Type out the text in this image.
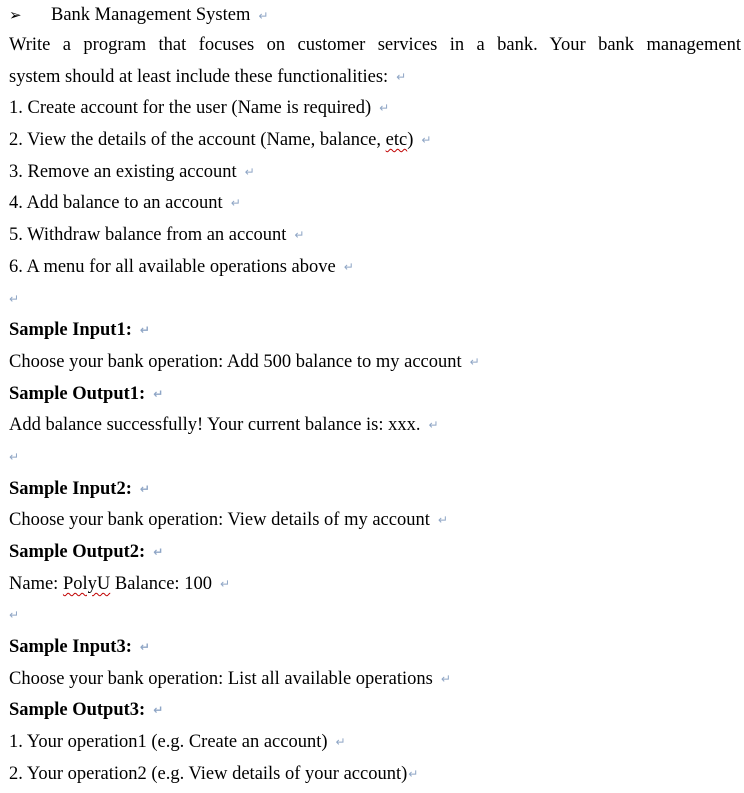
➢ Bank Management System ↵
Write a program that focuses on customer services in a bank. Your bank management
system should at least include these functionalities: ↵
1. Create account for the user (Name is required) ↵
2. View the details of the account (Name, balance, etc) ↵
3. Remove an existing account ↵
4. Add balance to an account ↵
5. Withdraw balance from an account ↵
6. A menu for all available operations above ↵
↵
Sample Input1: ↵
Choose your bank operation: Add 500 balance to my account ↵
Sample Output1: ↵
Add balance successfully! Your current balance is: xxx. ↵
↵
Sample Input2: ↵
Choose your bank operation: View details of my account ↵
Sample Output2: ↵
Name: PolyU Balance: 100 ↵
↵
Sample Input3: ↵
Choose your bank operation: List all available operations ↵
Sample Output3: ↵
1. Your operation1 (e.g. Create an account) ↵
2. Your operation2 (e.g. View details of your account)↵
